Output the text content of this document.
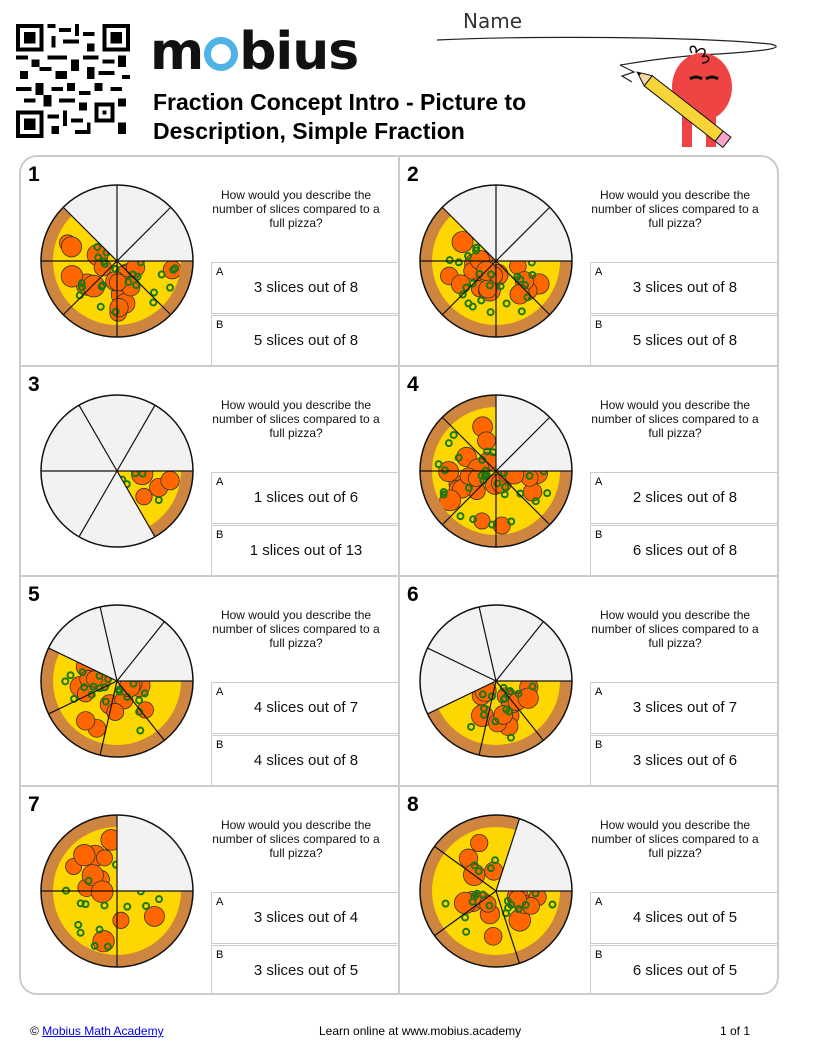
m bius
Fraction Concept Intro - Picture to
Description, Simple Fraction
Name
1
How would you describe the number of slices compared to a full pizza?
A
3 slices out of 8
B
5 slices out of 8
2
How would you describe the number of slices compared to a full pizza?
A
3 slices out of 8
B
5 slices out of 8
3
How would you describe the number of slices compared to a full pizza?
A
1 slices out of 6
B
1 slices out of 13
4
How would you describe the number of slices compared to a full pizza?
A
2 slices out of 8
B
6 slices out of 8
5
How would you describe the number of slices compared to a full pizza?
A
4 slices out of 7
B
4 slices out of 8
6
How would you describe the number of slices compared to a full pizza?
A
3 slices out of 7
B
3 slices out of 6
7
How would you describe the number of slices compared to a full pizza?
A
3 slices out of 4
B
3 slices out of 5
8
How would you describe the number of slices compared to a full pizza?
A
4 slices out of 5
B
6 slices out of 5
© Mobius Math Academy	Learn online at www.mobius.academy	1 of 1
